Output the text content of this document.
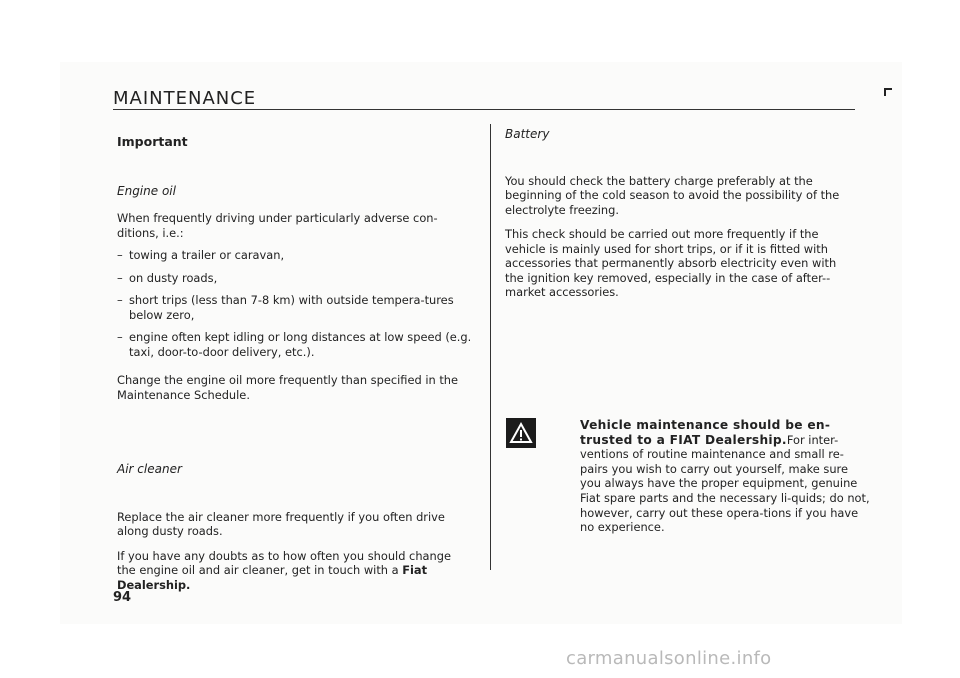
MAINTENANCE

Important

Engine oil

When frequently driving under particularly adverse con-ditions, i.e.:

– towing a trailer or caravan,

– on dusty roads,

– short trips (less than 7-8 km) with outside tempera-tures below zero,

– engine often kept idling or long distances at low speed (e.g. taxi, door-to-door delivery, etc.).

Change the engine oil more frequently than specified in the Maintenance Schedule.

Air cleaner

Replace the air cleaner more frequently if you often drive along dusty roads.

If you have any doubts as to how often you should change the engine oil and air cleaner, get in touch with a Fiat Dealership.

Battery

You should check the battery charge preferably at the beginning of the cold season to avoid the possibility of the electrolyte freezing.

This check should be carried out more frequently if the vehicle is mainly used for short trips, or if it is fitted with accessories that permanently absorb electricity even with the ignition key removed, especially in the case of after--market accessories.

Vehicle maintenance should be en-trusted to a FIAT Dealership.For inter-ventions of routine maintenance and small re-pairs you wish to carry out yourself, make sure you always have the proper equipment, genuine Fiat spare parts and the necessary li-quids; do not, however, carry out these opera-tions if you have no experience.
94
carmanualsonline.info
